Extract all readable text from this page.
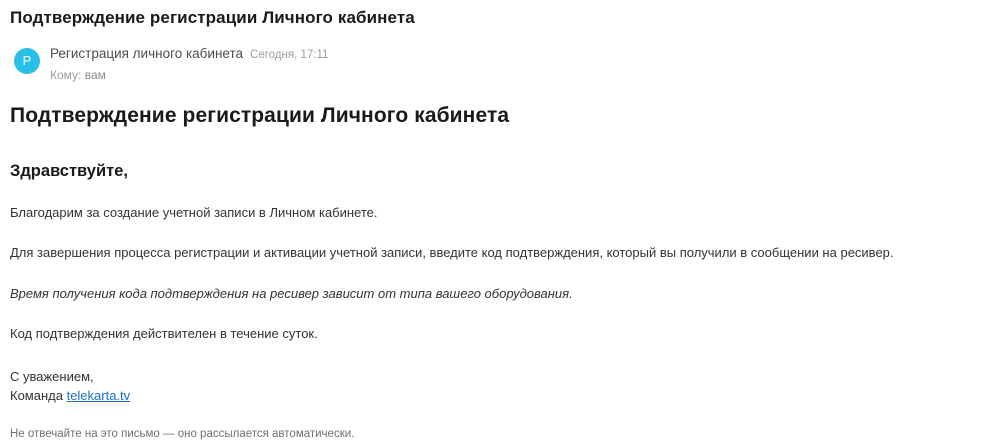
Подтверждение регистрации Личного кабинета
Р	Регистрация личного кабинета Сегодня, 17:11
Кому: вам
Подтверждение регистрации Личного кабинета
Здравствуйте,

Благодарим за создание учетной записи в Личном кабинете.

Для завершения процесса регистрации и активации учетной записи, введите код подтверждения, который вы получили в сообщении на ресивер.

Время получения кода подтверждения на ресивер зависит от типа вашего оборудования.

Код подтверждения действителен в течение суток.

С уважением,
Команда telekarta.tv

Не отвечайте на это письмо — оно рассылается автоматически.
